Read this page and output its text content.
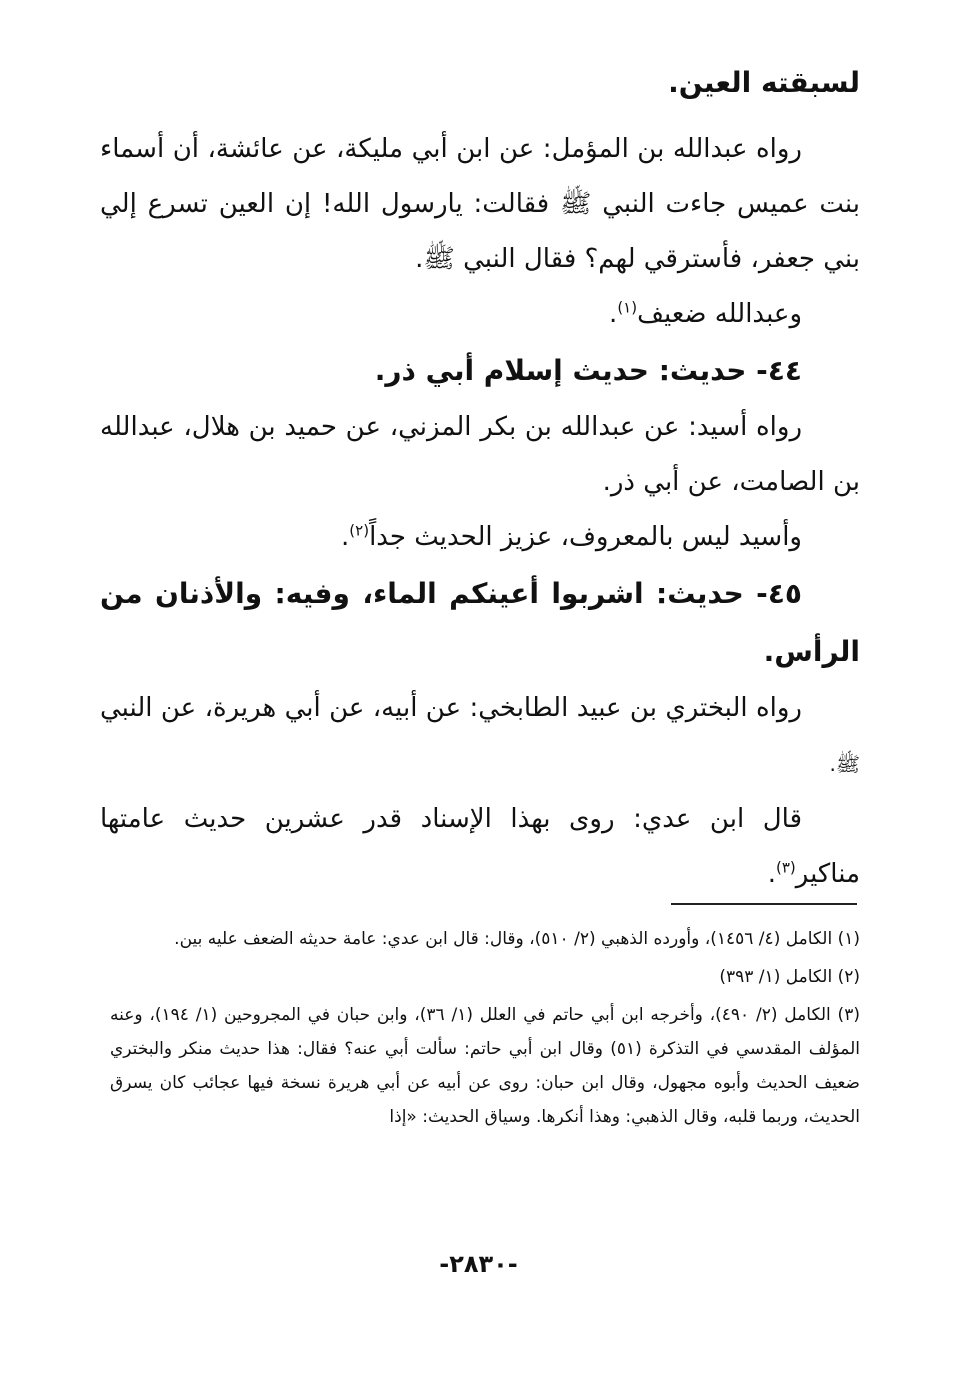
لسبقته العين.

رواه عبدالله بن المؤمل: عن ابن أبي مليكة، عن عائشة، أن أسماء بنت عميس جاءت النبي ﷺ فقالت: يارسول الله! إن العين تسرع إلي بني جعفر، فأسترقي لهم؟ فقال النبي ﷺ.

وعبدالله ضعيف$^{(١)}$.

٤٤- حديث: حديث إسلام أبي ذر.

رواه أسيد: عن عبدالله بن بكر المزني، عن حميد بن هلال، عبدالله بن الصامت، عن أبي ذر.

وأسيد ليس بالمعروف، عزيز الحديث جداً$^{(٢)}$.

٤٥- حديث: اشربوا أعينكم الماء، وفيه: والأذنان من الرأس.

رواه البختري بن عبيد الطابخي: عن أبيه، عن أبي هريرة، عن النبي ﷺ.

قال ابن عدي: روى بهذا الإسناد قدر عشرين حديث عامتها مناكير$^{(٣)}$.

(١) الكامل (٤/ ١٤٥٦)، وأورده الذهبي (٢/ ٥١٠)، وقال: قال ابن عدي: عامة حديثه الضعف عليه بين.

(٢) الكامل (١/ ٣٩٣)

(٣) الكامل (٢/ ٤٩٠)، وأخرجه ابن أبي حاتم في العلل (١/ ٣٦)، وابن حبان في المجروحين (١/ ١٩٤)، وعنه المؤلف المقدسي في التذكرة (٥١) وقال ابن أبي حاتم: سألت أبي عنه؟ فقال: هذا حديث منكر والبختري ضعيف الحديث وأبوه مجهول، وقال ابن حبان: روى عن أبيه عن أبي هريرة نسخة فيها عجائب كان يسرق الحديث، وربما قلبه، وقال الذهبي: وهذا أنكرها. وسياق الحديث: «إذا

-٢٨٣٠-
